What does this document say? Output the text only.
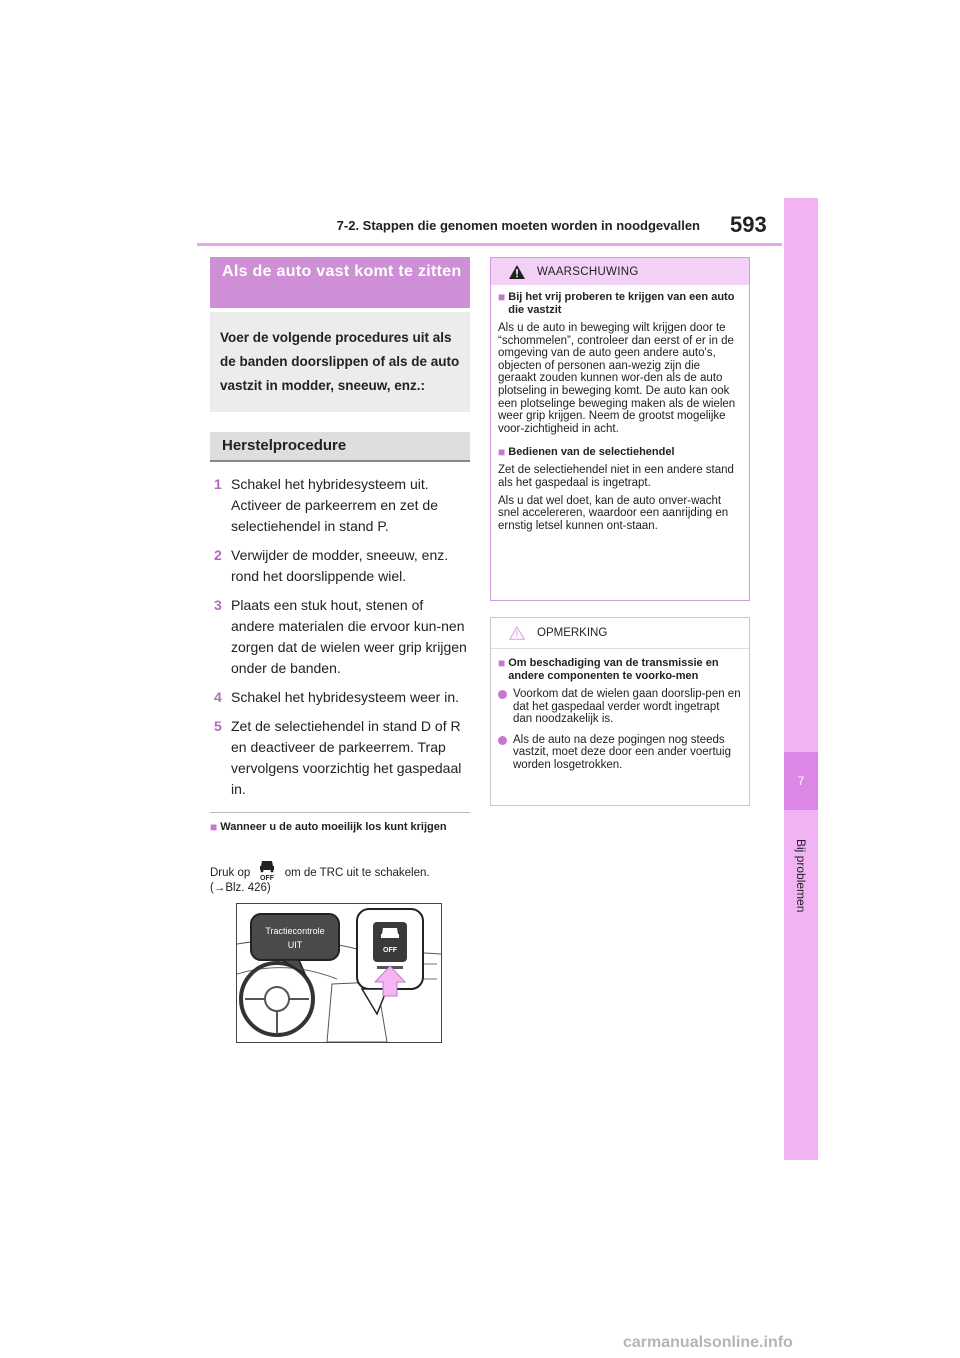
7-2. Stappen die genomen moeten worden in noodgevallen 593
7
Bij problemen
Als de auto vast komt te zitten
Voer de volgende procedures uit als de banden doorslippen of als de auto vastzit in modder, sneeuw, enz.:
Herstelprocedure
1 Schakel het hybridesysteem uit. Activeer de parkeerrem en zet de selectiehendel in stand P.
2 Verwijder de modder, sneeuw, enz. rond het doorslippende wiel.
3 Plaats een stuk hout, stenen of andere materialen die ervoor kun-nen zorgen dat de wielen weer grip krijgen onder de banden.
4 Schakel het hybridesysteem weer in.
5 Zet de selectiehendel in stand D of R en deactiveer de parkeerrem. Trap vervolgens voorzichtig het gaspedaal in.
■ Wanneer u de auto moeilijk los kunt krijgen
Druk op OFF om de TRC uit te schakelen.
(→Blz. 426)
Tractiecontrole
UIT
OFF
WAARSCHUWING
■ Bij het vrij proberen te krijgen van een auto die vastzit
Als u de auto in beweging wilt krijgen door te “schommelen”, controleer dan eerst of er in de omgeving van de auto geen andere auto's, objecten of personen aan-wezig zijn die geraakt zouden kunnen wor-den als de auto plotseling in beweging komt. De auto kan ook een plotselinge beweging maken als de wielen weer grip krijgen. Neem de grootst mogelijke voor-zichtigheid in acht.
■ Bedienen van de selectiehendel
Zet de selectiehendel niet in een andere stand als het gaspedaal is ingetrapt.
Als u dat wel doet, kan de auto onver-wacht snel accelereren, waardoor een aanrijding en ernstig letsel kunnen ont-staan.
OPMERKING
■ Om beschadiging van de transmissie en andere componenten te voorko-men
Voorkom dat de wielen gaan doorslip-pen en dat het gaspedaal verder wordt ingetrapt dan noodzakelijk is.
Als de auto na deze pogingen nog steeds vastzit, moet deze door een ander voertuig worden losgetrokken.
carmanualsonline.info
